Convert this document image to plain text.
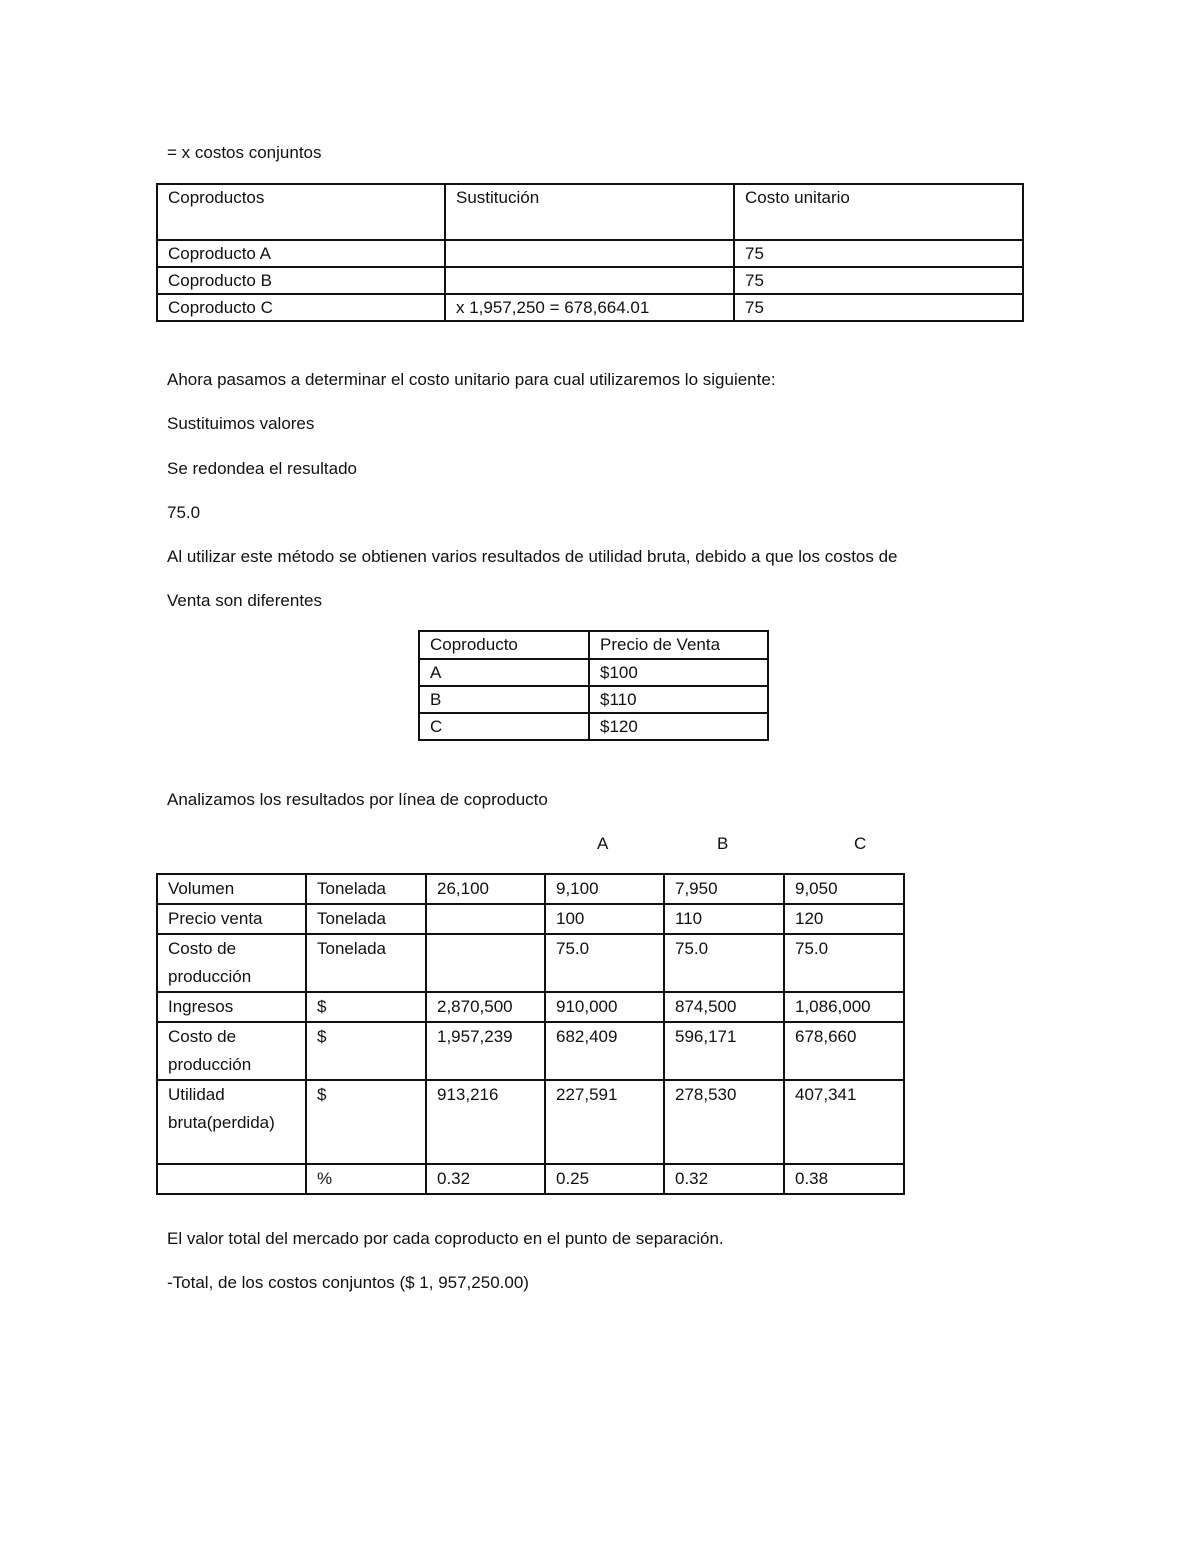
= x costos conjuntos
Coproductos	Sustitución	Costo unitario
Coproducto A		75
Coproducto B		75
Coproducto C	x 1,957,250 = 678,664.01	75
Ahora pasamos a determinar el costo unitario para cual utilizaremos lo siguiente:
Sustituimos valores
Se redondea el resultado
75.0
Al utilizar este método se obtienen varios resultados de utilidad bruta, debido a que los costos de
Venta son diferentes
Coproducto	Precio de Venta
A	$100
B	$110
C	$120
Analizamos los resultados por línea de coproducto
A	B	C
Volumen	Tonelada	26,100	9,100	7,950	9,050
Precio venta	Tonelada		100	110	120
Costo de producción	Tonelada		75.0	75.0	75.0
Ingresos	$	2,870,500	910,000	874,500	1,086,000
Costo de producción	$	1,957,239	682,409	596,171	678,660
Utilidad bruta(perdida)	$	913,216	227,591	278,530	407,341
	%	0.32	0.25	0.32	0.38
El valor total del mercado por cada coproducto en el punto de separación.
-Total, de los costos conjuntos ($ 1, 957,250.00)
